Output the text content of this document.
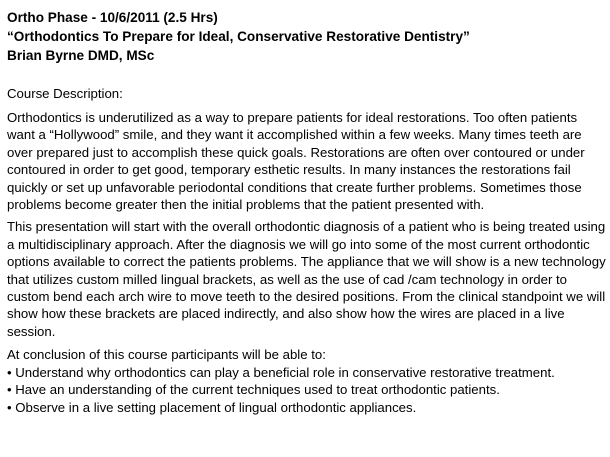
Ortho Phase - 10/6/2011 (2.5 Hrs)
“Orthodontics To Prepare for Ideal, Conservative Restorative Dentistry”
Brian Byrne DMD, MSc
Course Description:
Orthodontics is underutilized as a way to prepare patients for ideal restorations. Too often patients want a “Hollywood” smile, and they want it accomplished within a few weeks. Many times teeth are over prepared just to accomplish these quick goals. Restorations are often over contoured or under contoured in order to get good, temporary esthetic results. In many instances the restorations fail quickly or set up unfavorable periodontal conditions that create further problems. Sometimes those problems become greater then the initial problems that the patient presented with.
This presentation will start with the overall orthodontic diagnosis of a patient who is being treated using a multidisciplinary approach. After the diagnosis we will go into some of the most current orthodontic options available to correct the patients problems. The appliance that we will show is a new technology that utilizes custom milled lingual brackets, as well as the use of cad /cam technology in order to custom bend each arch wire to move teeth to the desired positions. From the clinical standpoint we will show how these brackets are placed indirectly, and also show how the wires are placed in a live session.
At conclusion of this course participants will be able to:
• Understand why orthodontics can play a beneficial role in conservative restorative treatment.
• Have an understanding of the current techniques used to treat orthodontic patients.
• Observe in a live setting placement of lingual orthodontic appliances.
